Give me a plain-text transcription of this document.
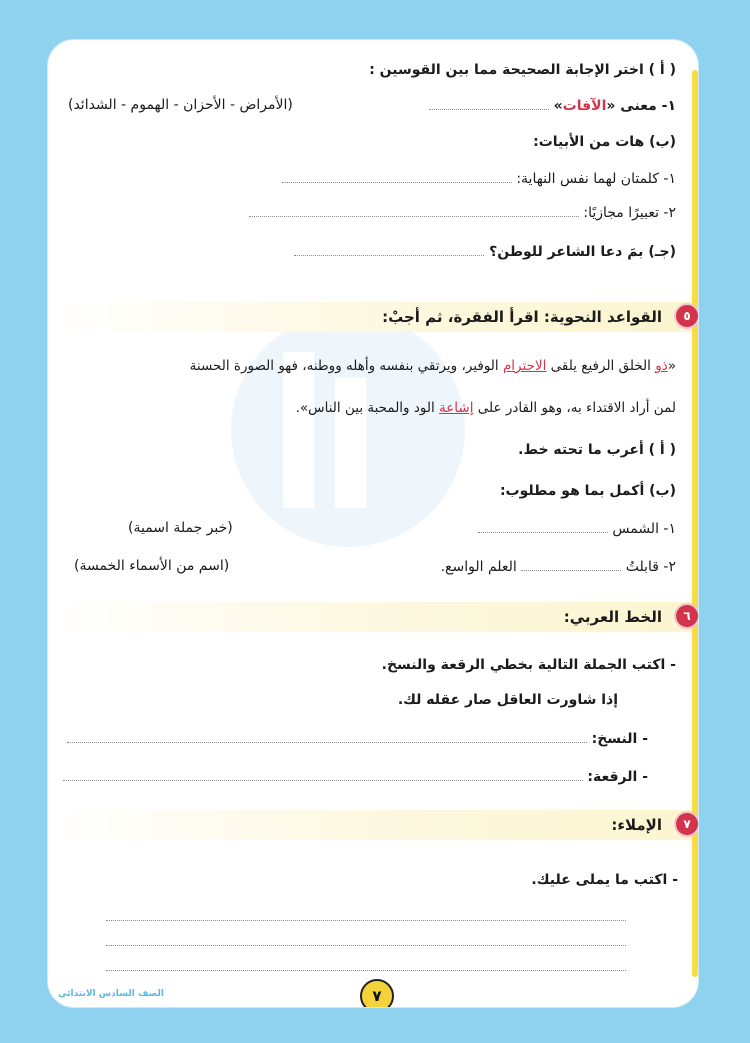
( أ ) اختر الإجابة الصحيحة مما بين القوسين :
١- معنى «الآفات»
(الأمراض - الأحزان - الهموم - الشدائد)
(ب) هات من الأبيات:
١- كلمتان لهما نفس النهاية:
٢- تعبيرًا مجازيًا:
(جـ) بمَ دعا الشاعر للوطن؟
٥
القواعد النحوية: اقرأ الفقرة، ثم أجبْ:
«ذو الخلق الرفيع يلقى الاحترام الوفير، ويرتقي بنفسه وأهله ووطنه، فهو الصورة الحسنة
لمن أراد الاقتداء به، وهو القادر على إشاعة الود والمحبة بين الناس».
( أ ) أعرب ما تحته خط.
(ب) أكمل بما هو مطلوب:
١- الشمس
(خبر جملة اسمية)
٢- قابلتُ  العلم الواسع.
(اسم من الأسماء الخمسة)
٦
الخط العربي:
- اكتب الجملة التالية بخطي الرقعة والنسخ.
إذا شاورت العاقل صار عقله لك.
- النسخ:
- الرقعة:
٧
الإملاء:
- اكتب ما يملى عليك.
الصف السادس الابتدائي	٧
